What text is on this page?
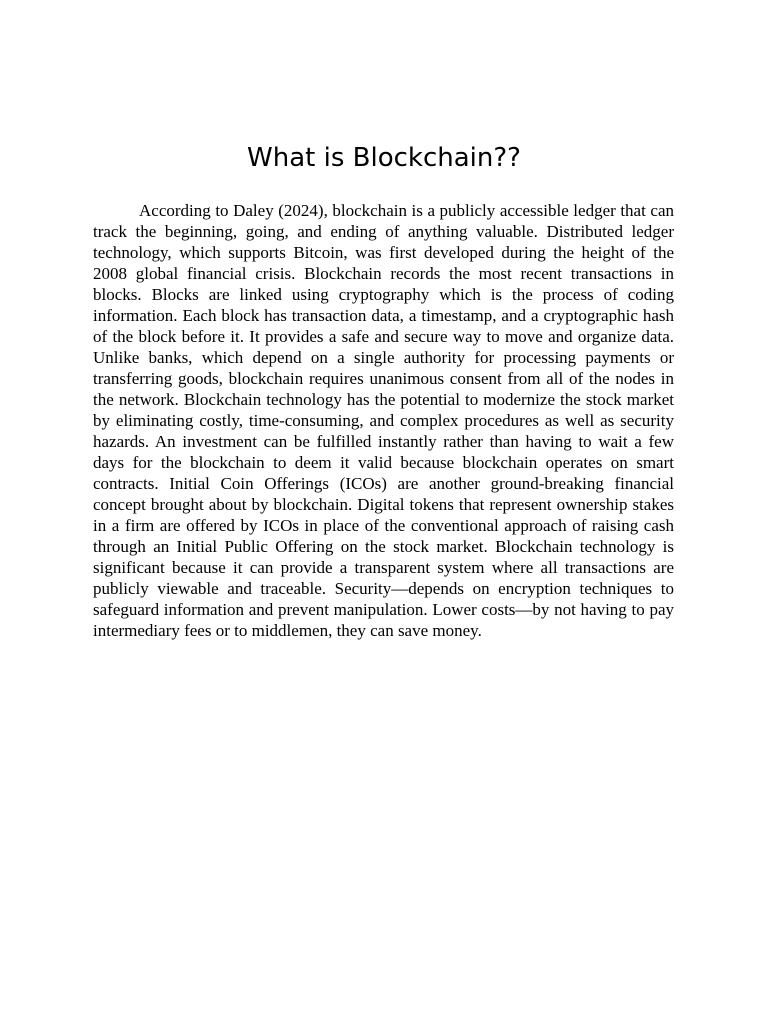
What is Blockchain??

According to Daley (2024), blockchain is a publicly accessible ledger that can track the beginning, going, and ending of anything valuable. Distributed ledger technology, which supports Bitcoin, was first developed during the height of the 2008 global financial crisis. Blockchain records the most recent transactions in blocks. Blocks are linked using cryptography which is the process of coding information. Each block has transaction data, a timestamp, and a cryptographic hash of the block before it. It provides a safe and secure way to move and organize data. Unlike banks, which depend on a single authority for processing payments or transferring goods, blockchain requires unanimous consent from all of the nodes in the network. Blockchain technology has the potential to modernize the stock market by eliminating costly, time-consuming, and complex procedures as well as security hazards. An investment can be fulfilled instantly rather than having to wait a few days for the blockchain to deem it valid because blockchain operates on smart contracts. Initial Coin Offerings (ICOs) are another ground-breaking financial concept brought about by blockchain. Digital tokens that represent ownership stakes in a firm are offered by ICOs in place of the conventional approach of raising cash through an Initial Public Offering on the stock market. Blockchain technology is significant because it can provide a transparent system where all transactions are publicly viewable and traceable. Security—depends on encryption techniques to safeguard information and prevent manipulation. Lower costs—by not having to pay intermediary fees or to middlemen, they can save money.
